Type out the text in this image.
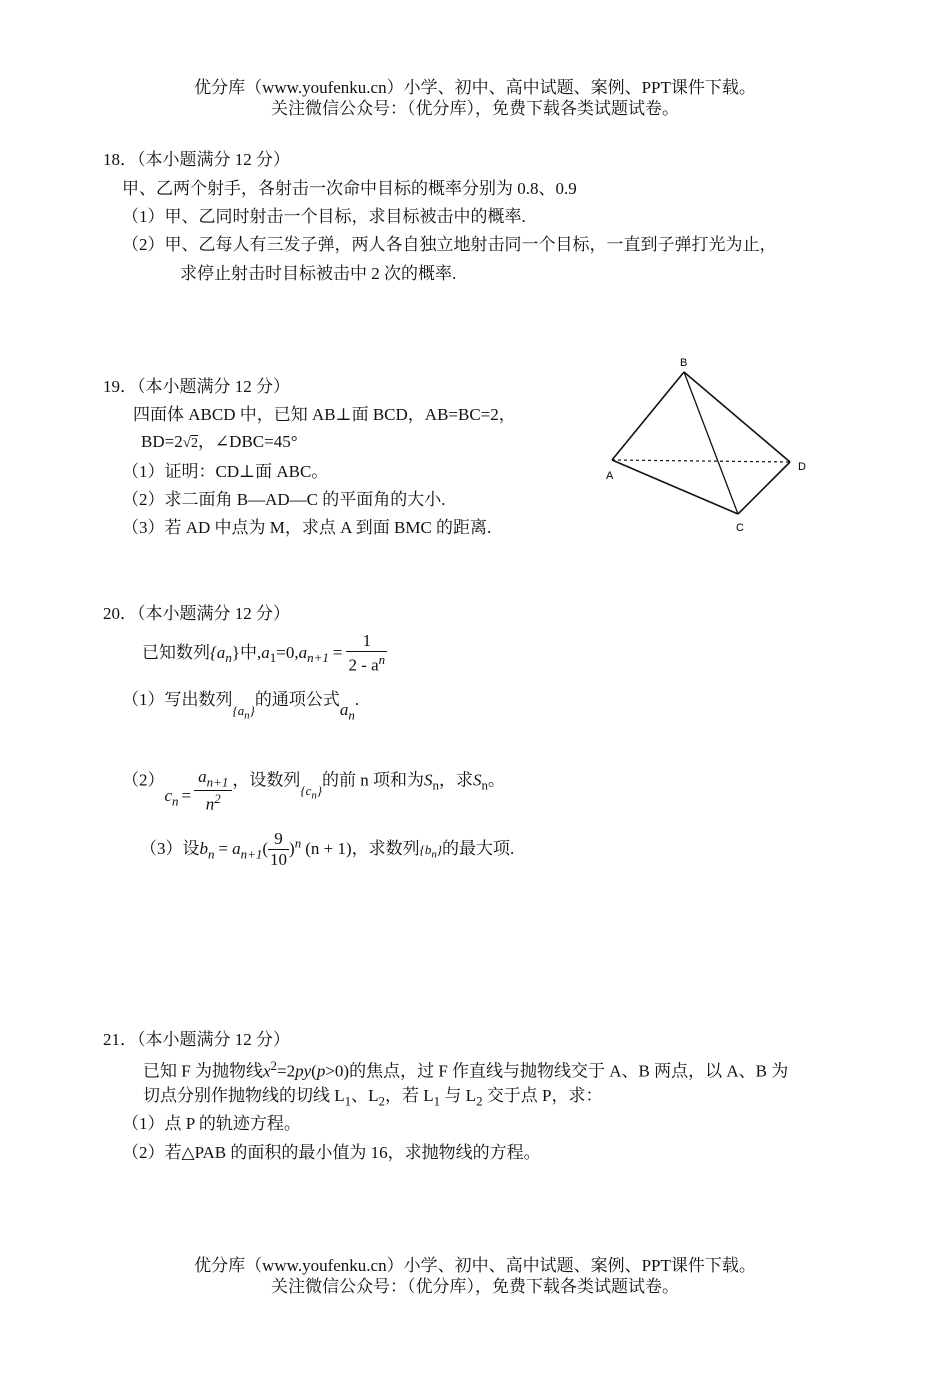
优分库（www.youfenku.cn）小学、初中、高中试题、案例、PPT课件下载。
关注微信公众号：（优分库），免费下载各类试题试卷。
18．（本小题满分 12 分）
甲、乙两个射手，各射击一次命中目标的概率分别为 0.8、0.9
（1）甲、乙同时射击一个目标，求目标被击中的概率.
（2）甲、乙每人有三发子弹，两人各自独立地射击同一个目标，一直到子弹打光为止，
求停止射击时目标被击中 2 次的概率.
19．（本小题满分 12 分）
四面体 ABCD 中，已知 AB⊥面 BCD，AB=BC=2，
BD=2√2，∠DBC=45°
（1）证明：CD⊥面 ABC。
（2）求二面角 B—AD—C 的平面角的大小.
（3）若 AD 中点为 M，求点 A 到面 BMC 的距离.
B
A
D
C
20．（本小题满分 12 分）
已知数列$\{a_n\}$中$,a_1=0,a_{n+1} = \frac{1}{2 - a^n}$
（1）写出数列$_{\{a_n\}}$的通项公式$a_n$.
$(2)c_n = \frac{a_{n+1}}{n^2}$ ，设数列$_{\{c_n\}}$的前 n 项和为$S_n$，求$S_n$。
（3）设$b_n = a_{n+1}( \frac{9}{10} )^n$ (n + 1)，求数列$\{b_n\}$的最大项.
21．（本小题满分 12 分）
已知 F 为抛物线$x^2=2py(p>0)$的焦点，过 F 作直线与抛物线交于 A、B 两点，以 A、B 为
切点分别作抛物线的切线 $L_1$、$L_2$，若 $L_1$ 与 $L_2$ 交于点 P，求：
（1）点 P 的轨迹方程。
（2）若△PAB 的面积的最小值为 16，求抛物线的方程。
优分库（www.youfenku.cn）小学、初中、高中试题、案例、PPT课件下载。
关注微信公众号：（优分库），免费下载各类试题试卷。
